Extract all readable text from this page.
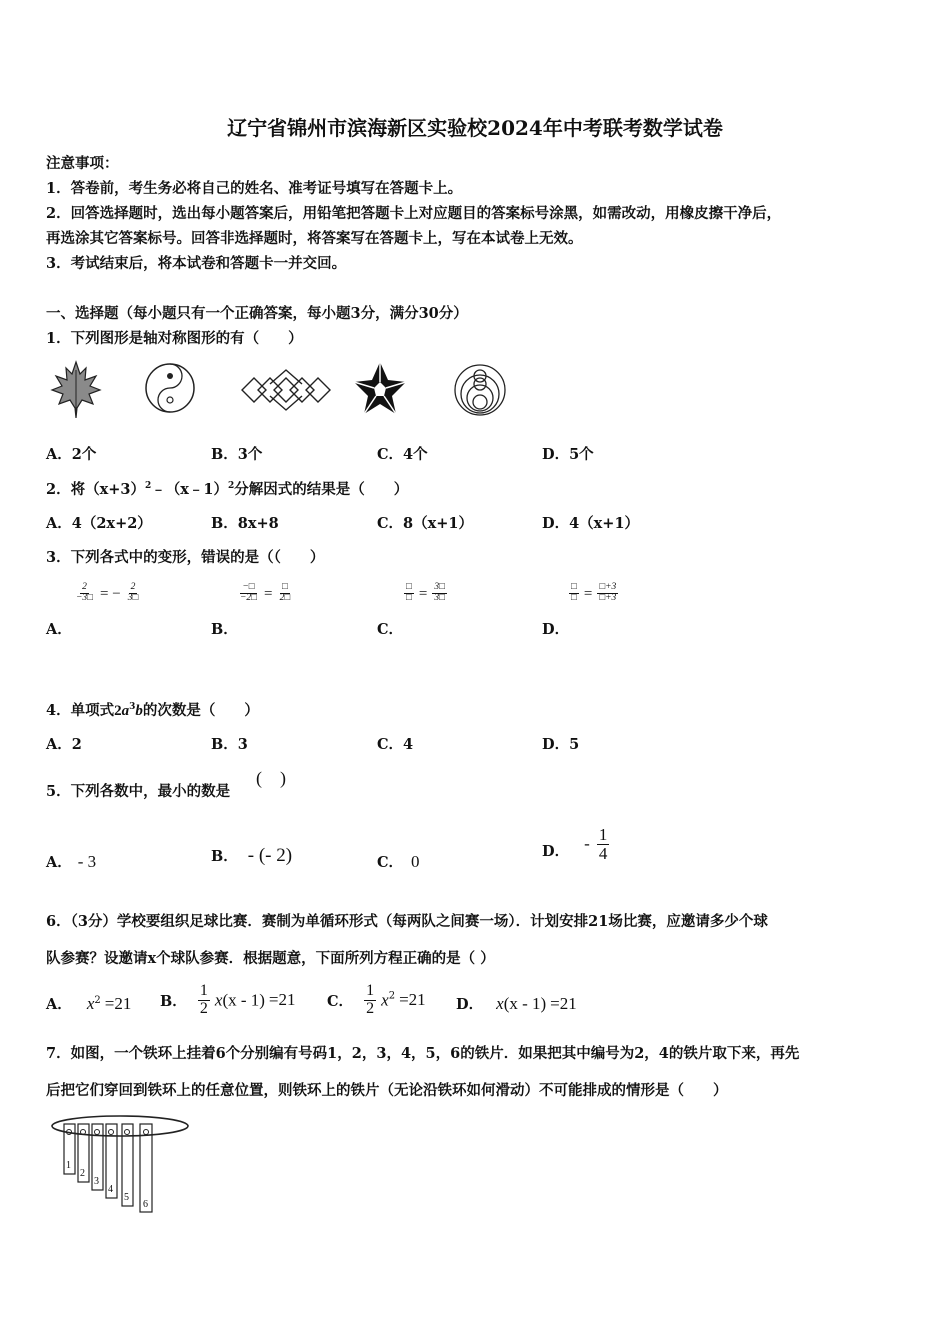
辽宁省锦州市滨海新区实验校2024年中考联考数学试卷
注意事项：
1．答卷前，考生务必将自己的姓名、准考证号填写在答题卡上。
2．回答选择题时，选出每小题答案后，用铅笔把答题卡上对应题目的答案标号涂黑，如需改动，用橡皮擦干净后，
再选涂其它答案标号。回答非选择题时，将答案写在答题卡上，写在本试卷上无效。
3．考试结束后，将本试卷和答题卡一并交回。
一、选择题（每小题只有一个正确答案，每小题3分，满分30分）
1．下列图形是轴对称图形的有（　　）
A．2个	B．3个	C．4个	D．5个
2．将$(x+3)^2﹣(x﹣1)^2$分解因式的结果是（　　）
A．4（2x+2）	B．8x+8	C．8（x+1）	D．4（x+1）
3．下列各式中的变形，错误的是（（　　）
$\frac{2}{-3□}$ = − $\frac{2}{3□}$	$\frac{-□}{-2□} = \frac{□}{2□}$	$\frac{□}{□} = \frac{3□}{3□}$	$\frac{□}{□} = \frac{□+3}{□+3}$
A．	B．	C．	D．
4．单项式$2a^3b$的次数是（　　）
A．2	B．3	C．4	D．5
5．下列各数中，最小的数是
(　)
A． - 3	B． - (- 2)	C． 0
D． - $\frac{1}{4}$
6．（3分）学校要组织足球比赛．赛制为单循环形式（每两队之间赛一场）．计划安排21场比赛，应邀请多少个球
队参赛？设邀请x个球队参赛．根据题意，下面所列方程正确的是（ ）
A． $x^2 =21$ B． $\frac{1}{2} x(x - 1) =21$ C． $\frac{1}{2} x^2 =21$ D． x(x - 1) =21
7．如图，一个铁环上挂着6个分别编有号码1，2，3，4，5，6的铁片．如果把其中编号为2，4的铁片取下来，再先
后把它们穿回到铁环上的任意位置，则铁环上的铁片（无论沿铁环如何滑动）不可能排成的情形是（　　）
1
2
3
4
5
6
